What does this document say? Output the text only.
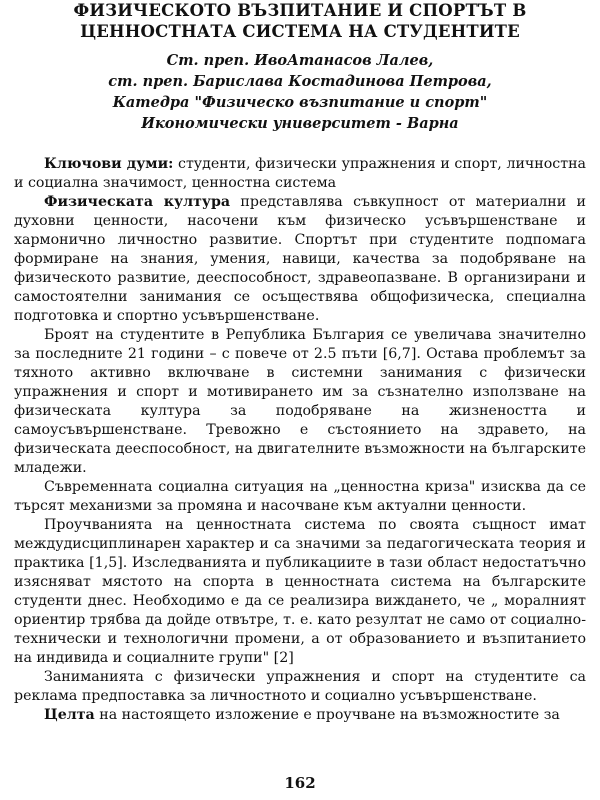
ФИЗИЧЕСКОТО ВЪЗПИТАНИЕ И СПОРТЪТ В
ЦЕННОСТНАТА СИСТЕМА НА СТУДЕНТИТЕ
Ст. преп. ИвоАтанасов Лалев,
ст. преп. Бариславa Костадинова Петрова,
Катедра "Физическо възпитание и спорт"
Икономически университет - Варна

Ключови думи: студенти, физически упражнения и спорт, личностна и социална значимост, ценностна система

Физическата култура представлява съвкупност от материални и духовни ценности, насочени към физическо усъвършенстване и хармонично личностно развитие. Спортът при студентите подпомага формиране на знания, умения, навици, качества за подобряване на физическото развитие, дееспособност, здравеопазване. В организирани и самостоятелни занимания се осъществява общофизическа, специална подготовка и спортно усъвършенстване.

Броят на студентите в Република България се увеличава значително за последните 21 години – с повече от 2.5 пъти [6,7]. Остава проблемът за тяхното активно включване в системни занимания с физически упражнения и спорт и мотивирането им за съзнателно използване на физическата култура за подобряване на жизнеността и самоусъвършенстване. Тревожно е състоянието на здравето, на физическата дееспособност, на двигателните възможности на българските младежи.

Съвременната социална ситуация на „ценностна криза" изисква да се търсят механизми за промяна и насочване към актуални ценности.

Проучванията на ценностната система по своята същност имат междудисциплинарен характер и са значими за педагогическата теория и практика [1,5]. Изследванията и публикациите в тази област недостатъчно изясняват мястото на спорта в ценностната система на българските студенти днес. Необходимо е да се реализира виждането, че „ моралният ориентир трябва да дойде отвътре, т. е. като резултат не само от социално-технически и технологични промени, а от образованието и възпитанието на индивида и социалните групи" [2]

Заниманията с физически упражнения и спорт на студентите са реклама предпоставка за личностното и социално усъвършенстване.

Целта на настоящето изложение е проучване на възможностите за

162
